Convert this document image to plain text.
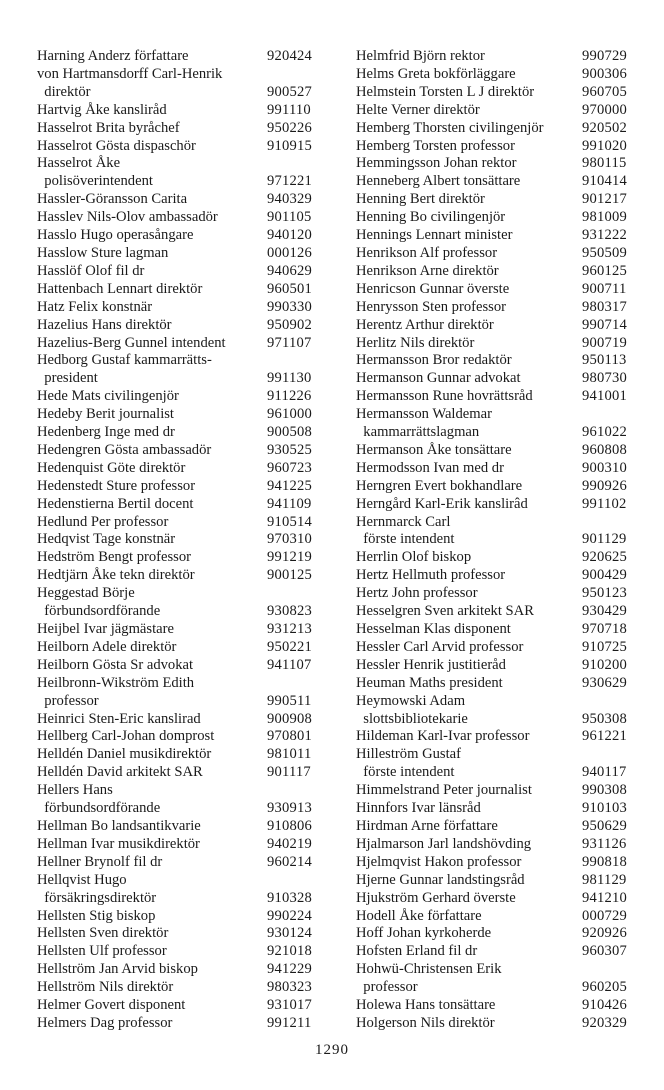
Harning Anderz författare	920424
von Hartmansdorff Carl-Henrik
direktör	900527
Hartvig Åke kansliråd	991110
Hasselrot Brita byråchef	950226
Hasselrot Gösta dispaschör	910915
Hasselrot Åke
polisöverintendent	971221
Hassler-Göransson Carita	940329
Hasslev Nils-Olov ambassadör	901105
Hasslo Hugo operasångare	940120
Hasslow Sture lagman	000126
Hasslöf Olof fil dr	940629
Hattenbach Lennart direktör	960501
Hatz Felix konstnär	990330
Hazelius Hans direktör	950902
Hazelius-Berg Gunnel intendent	971107
Hedborg Gustaf kammarrätts-
president	991130
Hede Mats civilingenjör	911226
Hedeby Berit journalist	961000
Hedenberg Inge med dr	900508
Hedengren Gösta ambassadör	930525
Hedenquist Göte direktör	960723
Hedenstedt Sture professor	941225
Hedenstierna Bertil docent	941109
Hedlund Per professor	910514
Hedqvist Tage konstnär	970310
Hedström Bengt professor	991219
Hedtjärn Åke tekn direktör	900125
Heggestad Börje
förbundsordförande	930823
Heijbel Ivar jägmästare	931213
Heilborn Adele direktör	950221
Heilborn Gösta Sr advokat	941107
Heilbronn-Wikström Edith
professor	990511
Heinrici Sten-Eric kanslirad	900908
Hellberg Carl-Johan domprost	970801
Helldén Daniel musikdirektör	981011
Helldén David arkitekt SAR	901117
Hellers Hans
förbundsordförande	930913
Hellman Bo landsantikvarie	910806
Hellman Ivar musikdirektör	940219
Hellner Brynolf fil dr	960214
Hellqvist Hugo
försäkringsdirektör	910328
Hellsten Stig biskop	990224
Hellsten Sven direktör	930124
Hellsten Ulf professor	921018
Hellström Jan Arvid biskop	941229
Hellström Nils direktör	980323
Helmer Govert disponent	931017
Helmers Dag professor	991211
Helmfrid Björn rektor	990729
Helms Greta bokförläggare	900306
Helmstein Torsten L J direktör	960705
Helte Verner direktör	970000
Hemberg Thorsten civilingenjör	920502
Hemberg Torsten professor	991020
Hemmingsson Johan rektor	980115
Henneberg Albert tonsättare	910414
Henning Bert direktör	901217
Henning Bo civilingenjör	981009
Hennings Lennart minister	931222
Henrikson Alf professor	950509
Henrikson Arne direktör	960125
Henricson Gunnar överste	900711
Henrysson Sten professor	980317
Herentz Arthur direktör	990714
Herlitz Nils direktör	900719
Hermansson Bror redaktör	950113
Hermanson Gunnar advokat	980730
Hermansson Rune hovrättsråd	941001
Hermansson Waldemar
kammarrättslagman	961022
Hermanson Åke tonsättare	960808
Hermodsson Ivan med dr	900310
Herngren Evert bokhandlare	990926
Herngård Karl-Erik kanslirâd	991102
Hernmarck Carl
förste intendent	901129
Herrlin Olof biskop	920625
Hertz Hellmuth professor	900429
Hertz John professor	950123
Hesselgren Sven arkitekt SAR	930429
Hesselman Klas disponent	970718
Hessler Carl Arvid professor	910725
Hessler Henrik justitieråd	910200
Heuman Maths president	930629
Heymowski Adam
slottsbibliotekarie	950308
Hildeman Karl-Ivar professor	961221
Hilleström Gustaf
förste intendent	940117
Himmelstrand Peter journalist	990308
Hinnfors Ivar länsråd	910103
Hirdman Arne författare	950629
Hjalmarson Jarl landshövding	931126
Hjelmqvist Hakon professor	990818
Hjerne Gunnar landstingsråd	981129
Hjukström Gerhard överste	941210
Hodell Åke författare	000729
Hoff Johan kyrkoherde	920926
Hofsten Erland fil dr	960307
Hohwü-Christensen Erik
professor	960205
Holewa Hans tonsättare	910426
Holgerson Nils direktör	920329
1290
